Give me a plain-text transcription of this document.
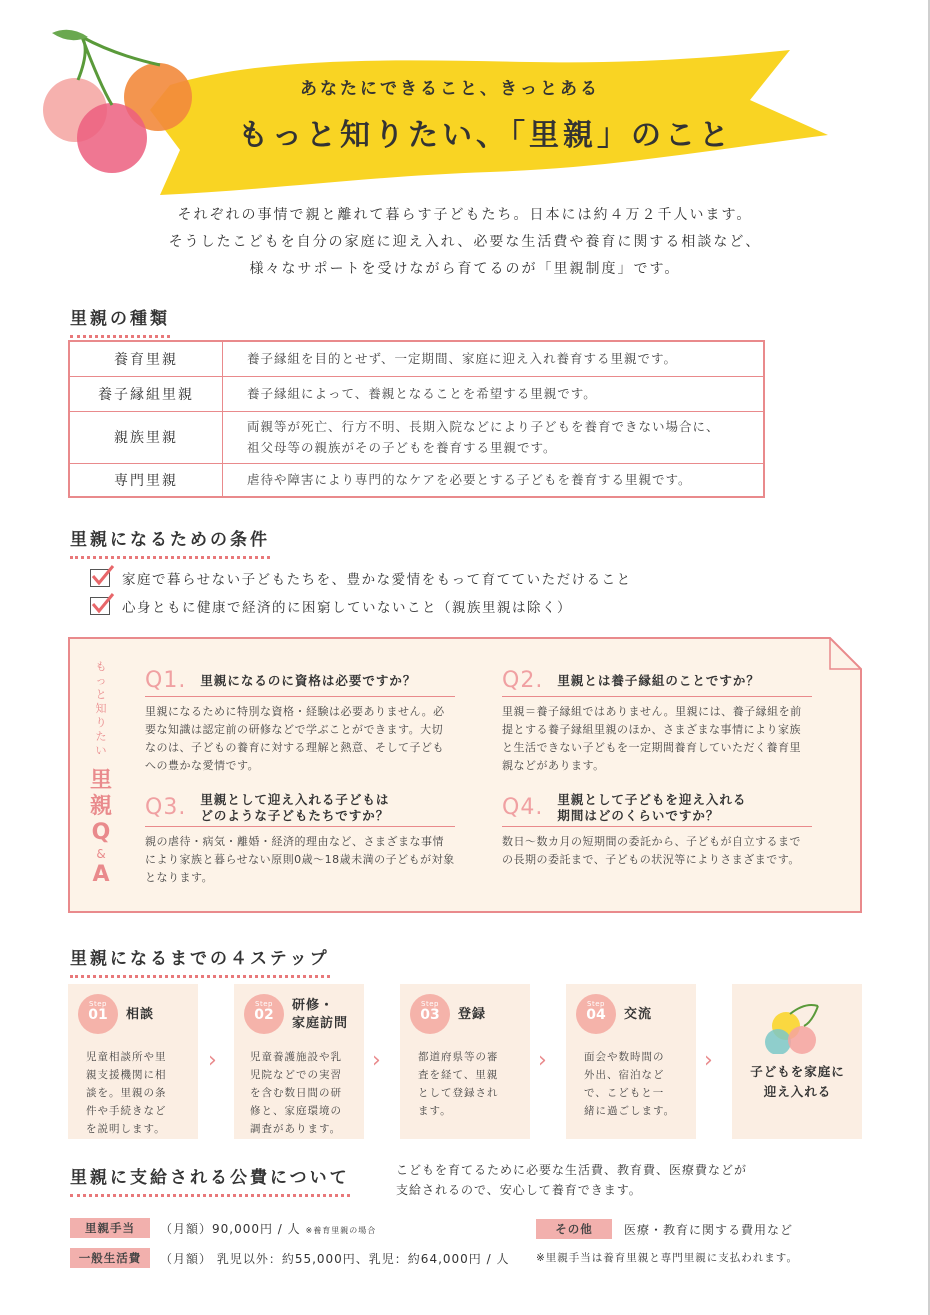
あなたにできること、きっとある
もっと知りたい、「里親」のこと
それぞれの事情で親と離れて暮らす子どもたち。日本には約４万２千人います。
そうしたこどもを自分の家庭に迎え入れ、必要な生活費や養育に関する相談など、
様々なサポートを受けながら育てるのが「里親制度」です。
里親の種類
養育里親	養子縁組を目的とせず、一定期間、家庭に迎え入れ養育する里親です。
養子縁組里親	養子縁組によって、養親となることを希望する里親です。
親族里親	両親等が死亡、行方不明、長期入院などにより子どもを養育できない場合に、
祖父母等の親族がその子どもを養育する里親です。

専門里親	虐待や障害により専門的なケアを必要とする子どもを養育する里親です。
里親になるための条件
家庭で暮らせない子どもたちを、豊かな愛情をもって育てていただけること
心身ともに健康で経済的に困窮していないこと（親族里親は除く）
もっと知りたい
里
親
Q
&
A
Q1. 里親になるのに資格は必要ですか？
里親になるために特別な資格・経験は必要ありません。必
要な知識は認定前の研修などで学ぶことができます。大切
なのは、子どもの養育に対する理解と熱意、そして子ども
への豊かな愛情です。
Q2. 里親とは養子縁組のことですか？
里親＝養子縁組ではありません。里親には、養子縁組を前
提とする養子縁組里親のほか、さまざまな事情により家族
と生活できない子どもを一定期間養育していただく養育里
親などがあります。
Q3. 里親として迎え入れる子どもは
どのような子どもたちですか？
親の虐待・病気・離婚・経済的理由など、さまざまな事情
により家族と暮らせない原則0歳～18歳未満の子どもが対象
となります。
Q4. 里親として子どもを迎え入れる
期間はどのくらいですか？
数日～数カ月の短期間の委託から、子どもが自立するまで
の長期の委託まで、子どもの状況等によりさまざまです。
里親になるまでの４ステップ
Step
01	相談
児童相談所や里
親支援機関に相
談を。里親の条
件や手続きなど
を説明します。
›
Step
02
研修・
家庭訪問
児童養護施設や乳
児院などでの実習
を含む数日間の研
修と、家庭環境の
調査があります。
›
Step
03	登録
都道府県等の審
査を経て、里親
として登録され
ます。
›
Step
04	交流
面会や数時間の
外出、宿泊など
で、こどもと一
緒に過ごします。
›	子どもを家庭に
迎え入れる
里親に支給される公費について	こどもを育てるために必要な生活費、教育費、医療費などが
支給されるので、安心して養育できます。
里親手当	（月額）90,000円 / 人 ※養育里親の場合
一般生活費	（月額） 乳児以外：約55,000円、乳児：約64,000円 / 人
その他	医療・教育に関する費用など
※里親手当は養育里親と専門里親に支払われます。
